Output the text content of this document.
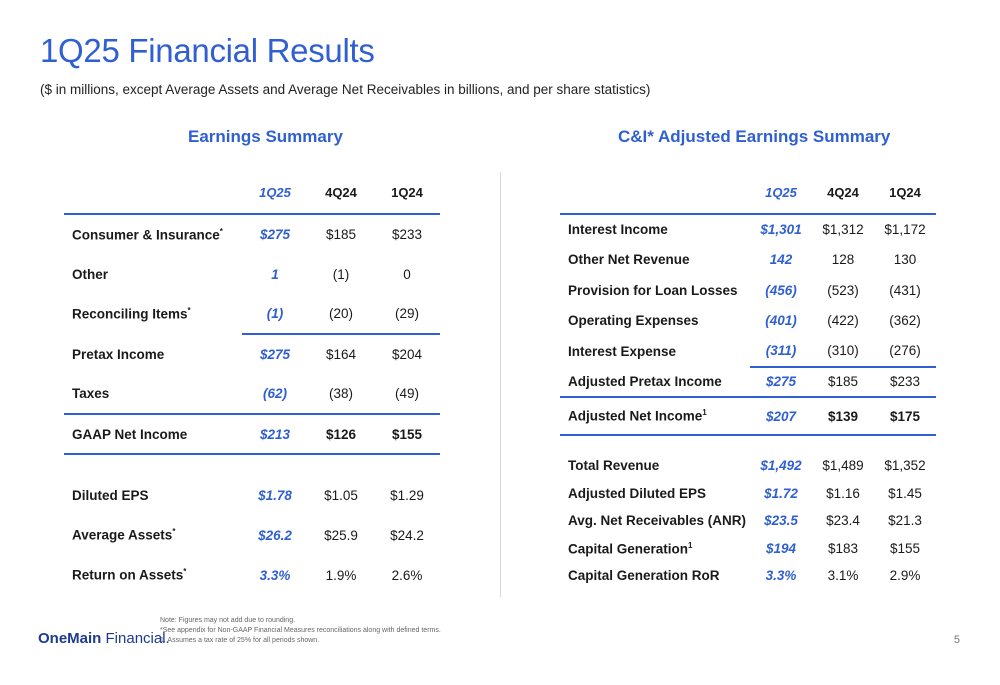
1Q25 Financial Results
($ in millions, except Average Assets and Average Net Receivables in billions, and per share statistics)
Earnings Summary	C&I* Adjusted Earnings Summary
	1Q25	4Q24	1Q24
Consumer & Insurance*	$275	$185	$233
Other	1	(1)	0
Reconciling Items*	(1)	(20)	(29)
Pretax Income	$275	$164	$204
Taxes	(62)	(38)	(49)
GAAP Net Income	$213	$126	$155
Diluted EPS	$1.78	$1.05	$1.29
Average Assets*	$26.2	$25.9	$24.2
Return on Assets*	3.3%	1.9%	2.6%
	1Q25	4Q24	1Q24
Interest Income	$1,301	$1,312	$1,172
Other Net Revenue	142	128	130
Provision for Loan Losses	(456)	(523)	(431)
Operating Expenses	(401)	(422)	(362)
Interest Expense	(311)	(310)	(276)
Adjusted Pretax Income	$275	$185	$233
Adjusted Net Income$^1$	$207	$139	$175
Total Revenue	$1,492	$1,489	$1,352
Adjusted Diluted EPS	$1.72	$1.16	$1.45
Avg. Net Receivables (ANR)	$23.5	$23.4	$21.3
Capital Generation$^1$	$194	$183	$155
Capital Generation RoR	3.3%	3.1%	2.9%
Note: Figures may not add due to rounding.
*See appendix for Non-GAAP Financial Measures reconciliations along with defined terms.
1. Assumes a tax rate of 25% for all periods shown.
OneMain Financial.	5
